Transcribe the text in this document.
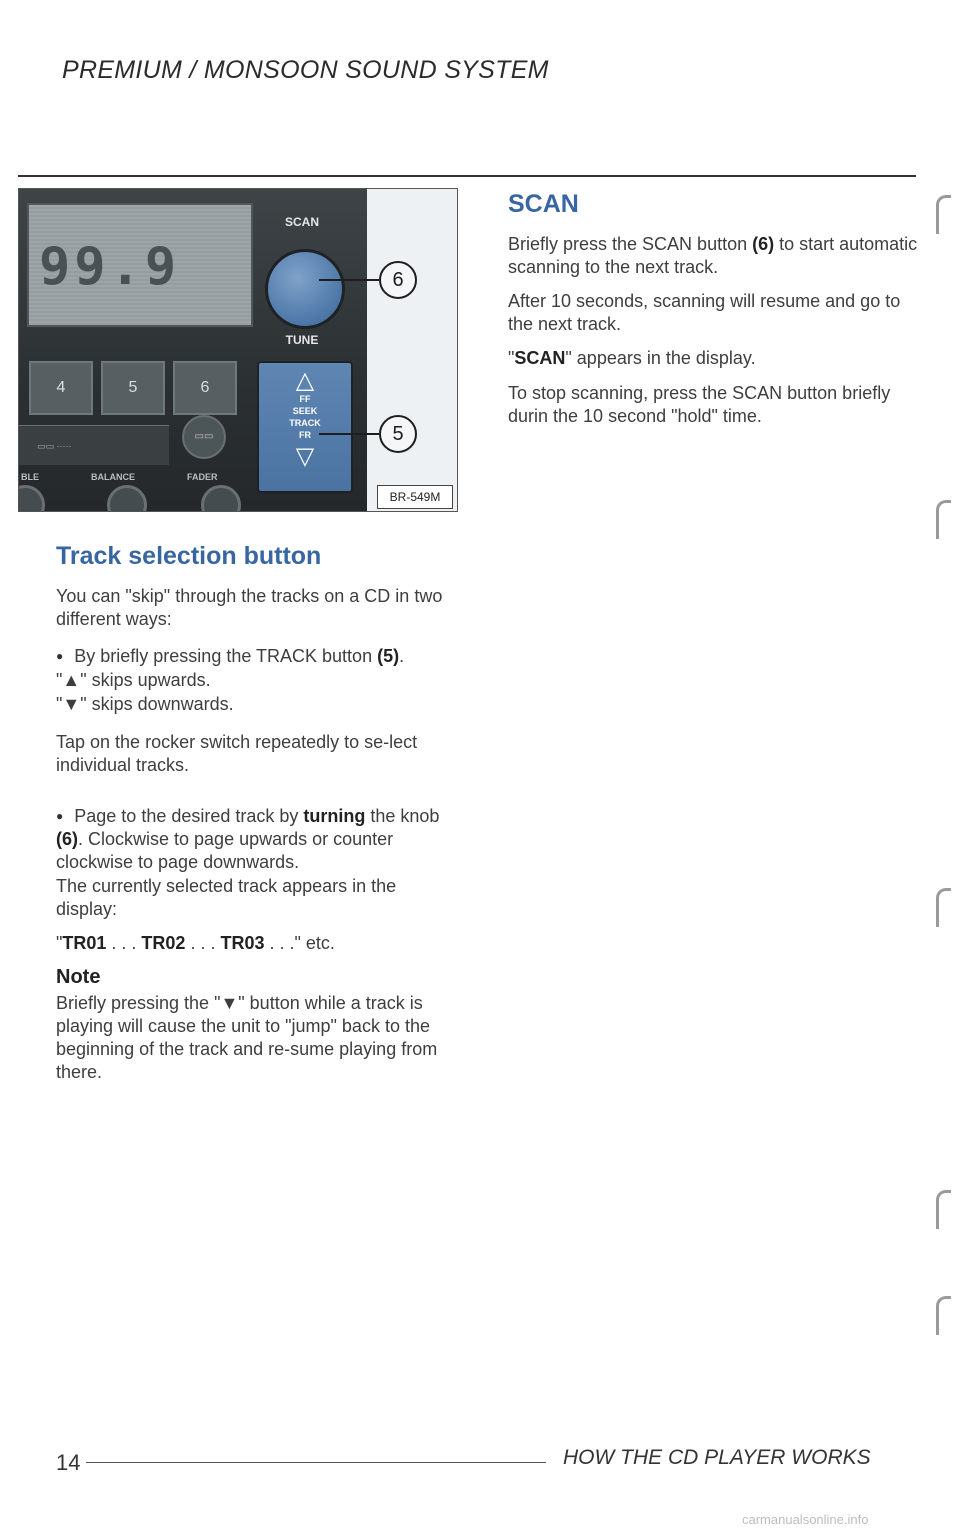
PREMIUM / MONSOON SOUND SYSTEM
99.9
4	5	6
▭▭ ·····
▭▭
BLE	BALANCE	FADER
SCAN
TUNE
△
FF
SEEK
TRACK
FR
▽
6
5
BR-549M
Track selection button

You can "skip" through the tracks on a CD in two different ways:

● By briefly pressing the TRACK button (5).

"▲" skips upwards.

"▼" skips downwards.

Tap on the rocker switch repeatedly to se-lect individual tracks.

● Page to the desired track by turning the knob (6). Clockwise to page upwards or counter clockwise to page downwards.

The currently selected track appears in the display:

"TR01 . . . TR02 . . . TR03 . . ." etc.

Note

Briefly pressing the "▼" button while a track is playing will cause the unit to "jump" back to the beginning of the track and re-sume playing from there.

SCAN

Briefly press the SCAN button (6) to start automatic scanning to the next track.

After 10 seconds, scanning will resume and go to the next track.

"SCAN" appears in the display.

To stop scanning, press the SCAN button briefly durin the 10 second "hold" time.

14	HOW THE CD PLAYER WORKS
carmanualsonline.info
